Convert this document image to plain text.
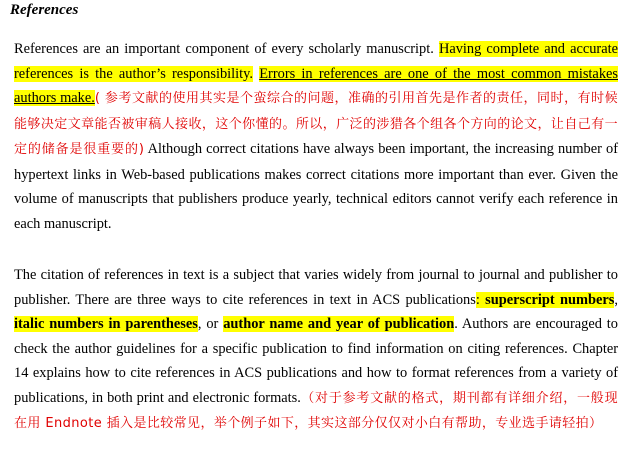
References

References are an important component of every scholarly manuscript. Having complete and accurate references is the author’s responsibility. Errors in references are one of the most common mistakes authors make.( 参考文献的使用其实是个蛮综合的问题，准确的引用首先是作者的责任，同时，有时候能够决定文章能否被审稿人接收，这个你懂的。所以，广泛的涉猎各个组各个方向的论文，让自己有一定的储备是很重要的) Although correct citations have always been important, the increasing number of hypertext links in Web-based publications makes correct citations more important than ever. Given the volume of manuscripts that publishers produce yearly, technical editors cannot verify each reference in each manuscript.

The citation of references in text is a subject that varies widely from journal to journal and publisher to publisher. There are three ways to cite references in text in ACS publications: superscript numbers, italic numbers in parentheses, or author name and year of publication. Authors are encouraged to check the author guidelines for a specific publication to find information on citing references. Chapter 14 explains how to cite references in ACS publications and how to format references from a variety of publications, in both print and electronic formats.（对于参考文献的格式，期刊都有详细介绍，一般现在用 Endnote 插入是比较常见，举个例子如下，其实这部分仅仅对小白有帮助，专业选手请轻拍）
